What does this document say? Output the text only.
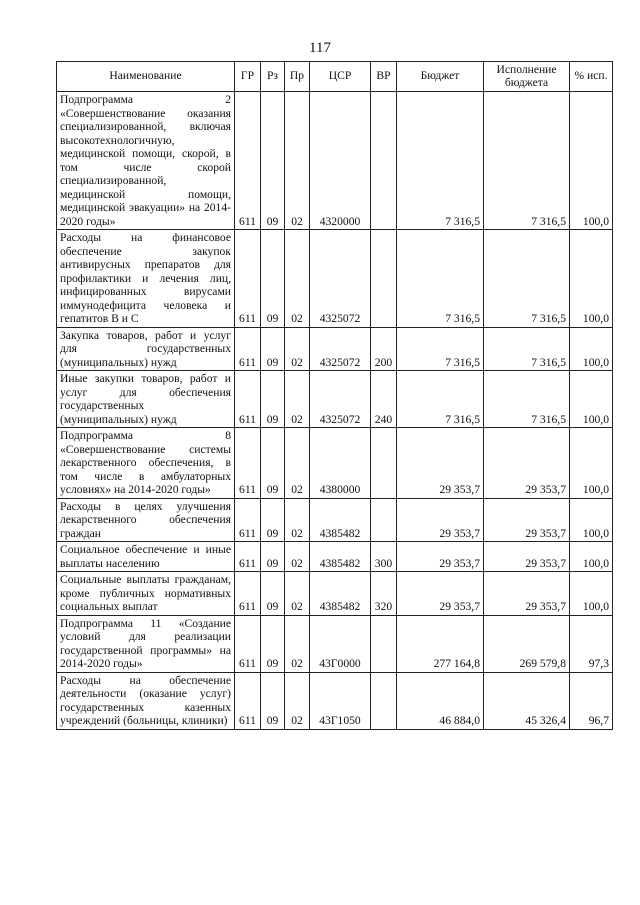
117
Наименование	ГР	Рз	Пр	ЦСР	ВР	Бюджет	Исполнение бюджета	% исп.
Подпрограмма 2 «Совершенствование оказания специализированной, включая высокотехнологичную, медицинской помощи, скорой, в том числе скорой специализированной, медицинской помощи, медицинской эвакуации» на 2014-2020 годы»	611	09	02	4320000		7 316,5	7 316,5	100,0
Расходы на финансовое обеспечение закупок антивирусных препаратов для профилактики и лечения лиц, инфицированных вирусами иммунодефицита человека и гепатитов В и С	611	09	02	4325072		7 316,5	7 316,5	100,0
Закупка товаров, работ и услуг для государственных (муниципальных) нужд	611	09	02	4325072	200	7 316,5	7 316,5	100,0
Иные закупки товаров, работ и услуг для обеспечения государственных (муниципальных) нужд	611	09	02	4325072	240	7 316,5	7 316,5	100,0
Подпрограмма 8 «Совершенствование системы лекарственного обеспечения, в том числе в амбулаторных условиях» на 2014-2020 годы»	611	09	02	4380000		29 353,7	29 353,7	100,0
Расходы в целях улучшения лекарственного обеспечения граждан	611	09	02	4385482		29 353,7	29 353,7	100,0
Социальное обеспечение и иные выплаты населению	611	09	02	4385482	300	29 353,7	29 353,7	100,0
Социальные выплаты гражданам, кроме публичных нормативных социальных выплат	611	09	02	4385482	320	29 353,7	29 353,7	100,0
Подпрограмма 11 «Создание условий для реализации государственной программы» на 2014-2020 годы»	611	09	02	43Г0000		277 164,8	269 579,8	97,3
Расходы на обеспечение деятельности (оказание услуг) государственных казенных учреждений (больницы, клиники)	611	09	02	43Г1050		46 884,0	45 326,4	96,7
